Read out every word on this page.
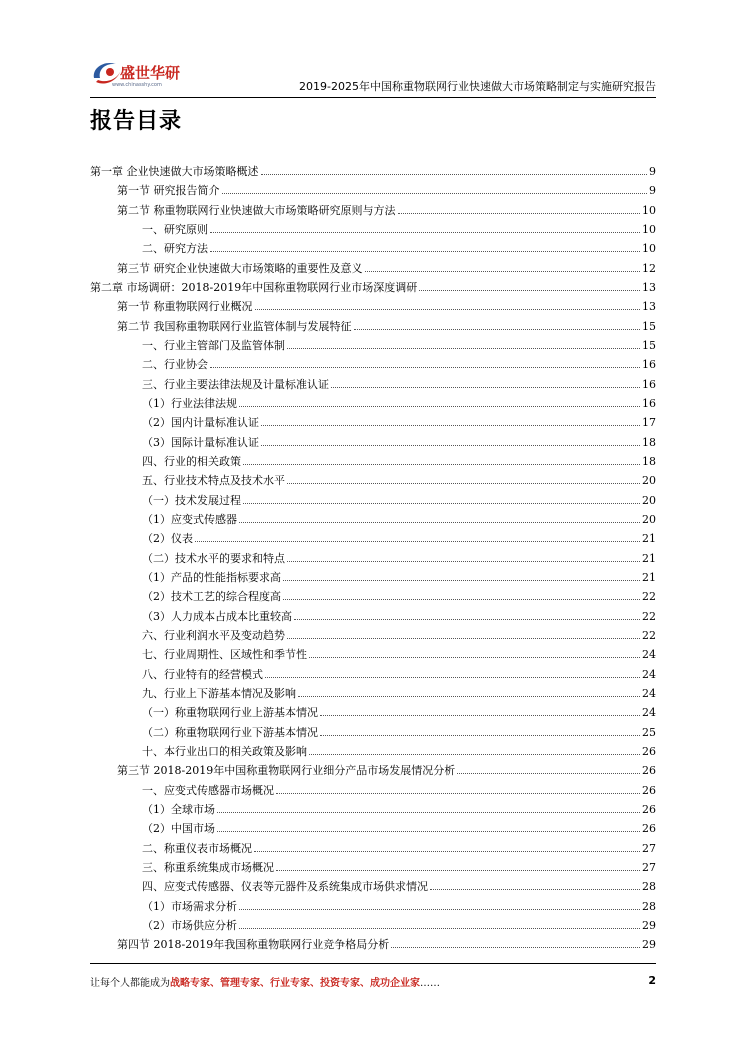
盛世华研
www.chinasshy.com	2019-2025年中国称重物联网行业快速做大市场策略制定与实施研究报告
报告目录
第一章 企业快速做大市场策略概述	9
第一节 研究报告简介	9
第二节 称重物联网行业快速做大市场策略研究原则与方法	10
一、研究原则	10
二、研究方法	10
第三节 研究企业快速做大市场策略的重要性及意义	12
第二章 市场调研：2018-2019年中国称重物联网行业市场深度调研	13
第一节 称重物联网行业概况	13
第二节 我国称重物联网行业监管体制与发展特征	15
一、行业主管部门及监管体制	15
二、行业协会	16
三、行业主要法律法规及计量标准认证	16
（1）行业法律法规	16
（2）国内计量标准认证	17
（3）国际计量标准认证	18
四、行业的相关政策	18
五、行业技术特点及技术水平	20
（一）技术发展过程	20
（1）应变式传感器	20
（2）仪表	21
（二）技术水平的要求和特点	21
（1）产品的性能指标要求高	21
（2）技术工艺的综合程度高	22
（3）人力成本占成本比重较高	22
六、行业利润水平及变动趋势	22
七、行业周期性、区域性和季节性	24
八、行业特有的经营模式	24
九、行业上下游基本情况及影响	24
（一）称重物联网行业上游基本情况	24
（二）称重物联网行业下游基本情况	25
十、本行业出口的相关政策及影响	26
第三节 2018-2019年中国称重物联网行业细分产品市场发展情况分析	26
一、应变式传感器市场概况	26
（1）全球市场	26
（2）中国市场	26
二、称重仪表市场概况	27
三、称重系统集成市场概况	27
四、应变式传感器、仪表等元器件及系统集成市场供求情况	28
（1）市场需求分析	28
（2）市场供应分析	29
第四节 2018-2019年我国称重物联网行业竞争格局分析	29
让每个人都能成为战略专家、管理专家、行业专家、投资专家、成功企业家……	2
